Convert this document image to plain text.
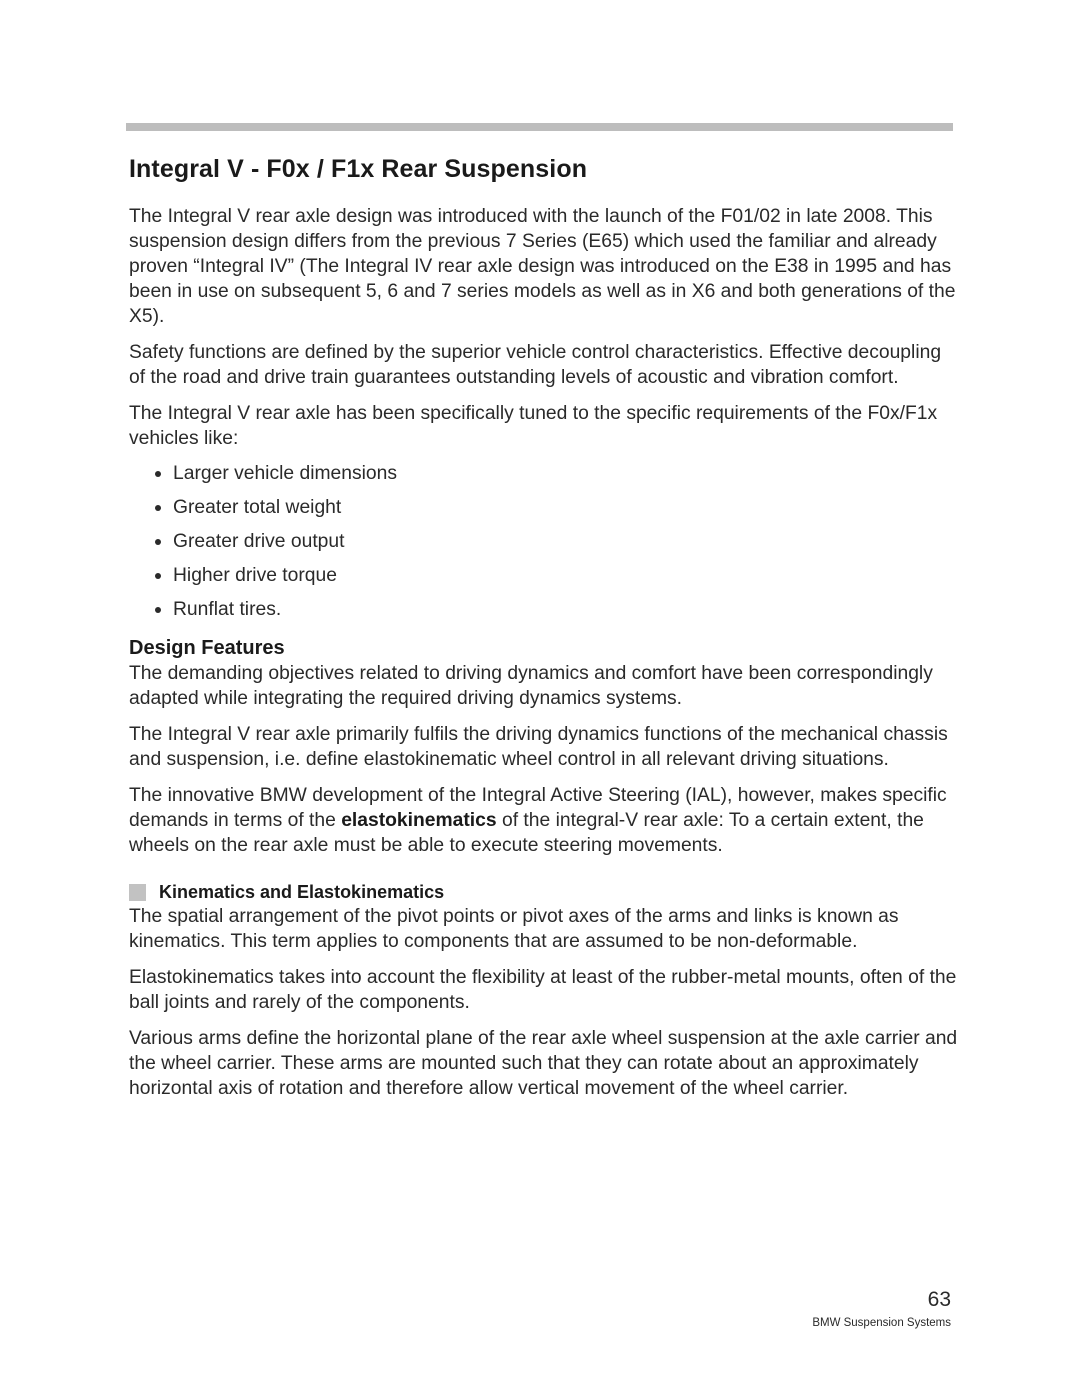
Integral V - F0x / F1x Rear Suspension

The Integral V rear axle design was introduced with the launch of the F01/02 in late 2008. This suspension design differs from the previous 7 Series (E65) which used the familiar and already proven “Integral IV” (The Integral IV rear axle design was introduced on the E38 in 1995 and has been in use on subsequent 5, 6 and 7 series models as well as in X6 and both generations of the X5).

Safety functions are defined by the superior vehicle control characteristics. Effective decoupling of the road and drive train guarantees outstanding levels of acoustic and vibration comfort.

The Integral V rear axle has been specifically tuned to the specific requirements of the F0x/F1x vehicles like:

Larger vehicle dimensions
Greater total weight
Greater drive output
Higher drive torque
Runflat tires.
Design Features

The demanding objectives related to driving dynamics and comfort have been correspondingly adapted while integrating the required driving dynamics systems.

The Integral V rear axle primarily fulfils the driving dynamics functions of the mechanical chassis and suspension, i.e. define elastokinematic wheel control in all relevant driving situations.

The innovative BMW development of the Integral Active Steering (IAL), however, makes specific demands in terms of the elastokinematics of the integral-V rear axle: To a certain extent, the wheels on the rear axle must be able to execute steering movements.

Kinematics and Elastokinematics

The spatial arrangement of the pivot points or pivot axes of the arms and links is known as kinematics. This term applies to components that are assumed to be non-deformable.

Elastokinematics takes into account the flexibility at least of the rubber-metal mounts, often of the ball joints and rarely of the components.

Various arms define the horizontal plane of the rear axle wheel suspension at the axle carrier and the wheel carrier. These arms are mounted such that they can rotate about an approximately horizontal axis of rotation and therefore allow vertical movement of the wheel carrier.

63
BMW Suspension Systems
